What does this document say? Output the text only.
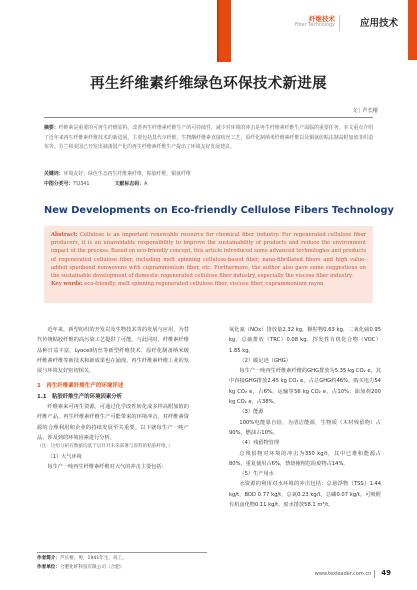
纤维技术
Fiber Technology	应用技术
再生纤维素纤维绿色环保技术新进展
文｜芦长椿
摘要：纤维素是重要的可再生纤维原料。改善再生纤维素纤维生产的可持续性，减少对环境的冲击是再生纤维素纤维生产面临的重要任务。本文重点介绍了近年来再生纤维素纤维技术的新进展，主要包括莫代尔纤维，生物酶纤维素直接纺丝工艺，原纤化制纳米纤维素纤维以及铜氨纺粘法制高附加值非织造布等。芬兰和美国已开发出制备国产化的再生纤维素纤维生产提出了环境友好发展建议。
关键词：环境友好；绿色生态再生纤维素纤维，粘胶纤维，铜氨纤维
中图分类号：TQ341	文献标志码：A
New Developments on Eco-friendly Cellulose Fibers Technology
Abstract: Cellulose is an important renewable resource for chemical fiber industry. For regenerated cellulose fiber producers, it is an unavoidable responsibility to improve the sustainability of products and reduce the environment impact of the process. Based on eco-friendly concept, this article introduced some advanced technologies and products of regenerated cellulose fiber, including melt spinning cellulose-based fiber, nano-fibrillated fibers and high value-added spunbond nonwovens with cuprammonium fiber, etc. Furthermore, the author also gave some suggestions on the sustainable development of domestic regenerated cellulose fiber industry, especially the viscose fiber industry.
Key words: eco-friendly, melt spinning regenerated cellulose fiber, viscose fiber, cuprammonium rayon

近年来，新型纺织的开发以及生物技术等的发展与应用，为替代传统粘胶纤维的高污染工艺提供了可能。与此同时，纤维素纤维品种日益丰富，Lyocell纺丝等新型纤维技术、原纤化制备纳米级纤维素纤维等新技术和新成果也在涌现。再生纤维素纤维工业的发展与环境友好密切相关。

1　再生纤维素纤维生产的环境评述

1.1　粘胶纤维生产的环境因素分析

纤维素来可再生资源，可通过化学改性转化成多样高附加值的纤维产品。再生纤维素纤维生产可能带来的环境冲击，对纤维素资源的合理利用和企业的持续发展至关重要。以下就每生产一吨产品，涉及到的环境因素进行分析。

（注：这组分析有数据均基于以针对未来部署与原料的粘胶纤维。）

（1）大气环境

每生产一吨再生纤维素纤维对大气的冲击主要包括：

作者简介：芦长椿，男，1941年生，高工。
作者单位：合肥化纤科技有限公司（合肥）

氧化氮（NOx）排放量2.32 kg，颗粒物0.63 kg，二氧化硫0.95 kg，总硫排放（TRC）0.08 kg，挥发性有机化合物（VOC）1.85 kg。

（2）碳足迹（GHG）

每生产一吨再生纤维素纤维的GHG排放为5.35 kg CO₂ e，其中直接GHG排放2.45 kg CO₂ e，占总GHG约46%，购买电力54 kg CO₂ e，占6%；运输等56 kg CO₂ e，占10%；油加剂200 kg CO₂ e，占38%。

（3）能源

100%电能靠自给，为清洁能源，生物质（木材残留物）占90%，燃油占10%。

（4）残留物管理

总残留物对环境的冲击为350 kg/t，其中已堆积能源占80%，重复使用占6%，禁烧掩埋危险废物占14%。

（5）生产用水

水资源的利用对水环境的冲击包括：总悬浮物（TSS）1.44 kg/t，BOD 0.77 kg/t，总氮0.23 kg/t，总磷0.07 kg/t，可吸附有机卤化物0.11 kg/t，废水排放58.1 m³/t。

www.texleader.com.cn 49
